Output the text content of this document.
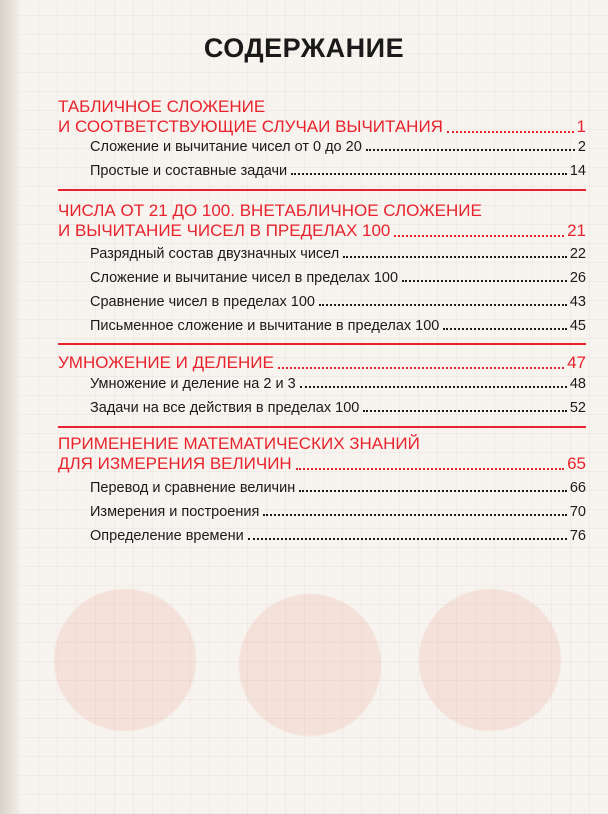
СОДЕРЖАНИЕ
ТАБЛИЧНОЕ СЛОЖЕНИЕ
И СООТВЕТСТВУЮЩИЕ СЛУЧАИ ВЫЧИТАНИЯ	1
Сложение и вычитание чисел от 0 до 20	2
Простые и составные задачи	14
ЧИСЛА ОТ 21 ДО 100. ВНЕТАБЛИЧНОЕ СЛОЖЕНИЕ
И ВЫЧИТАНИЕ ЧИСЕЛ В ПРЕДЕЛАХ 100	21
Разрядный состав двузначных чисел	22
Сложение и вычитание чисел в пределах 100	26
Сравнение чисел в пределах 100	43
Письменное сложение и вычитание в пределах 100	45
УМНОЖЕНИЕ И ДЕЛЕНИЕ	47
Умножение и деление на 2 и 3	48
Задачи на все действия в пределах 100	52
ПРИМЕНЕНИЕ МАТЕМАТИЧЕСКИХ ЗНАНИЙ
ДЛЯ ИЗМЕРЕНИЯ ВЕЛИЧИН	65
Перевод и сравнение величин	66
Измерения и построения	70
Определение времени	76
